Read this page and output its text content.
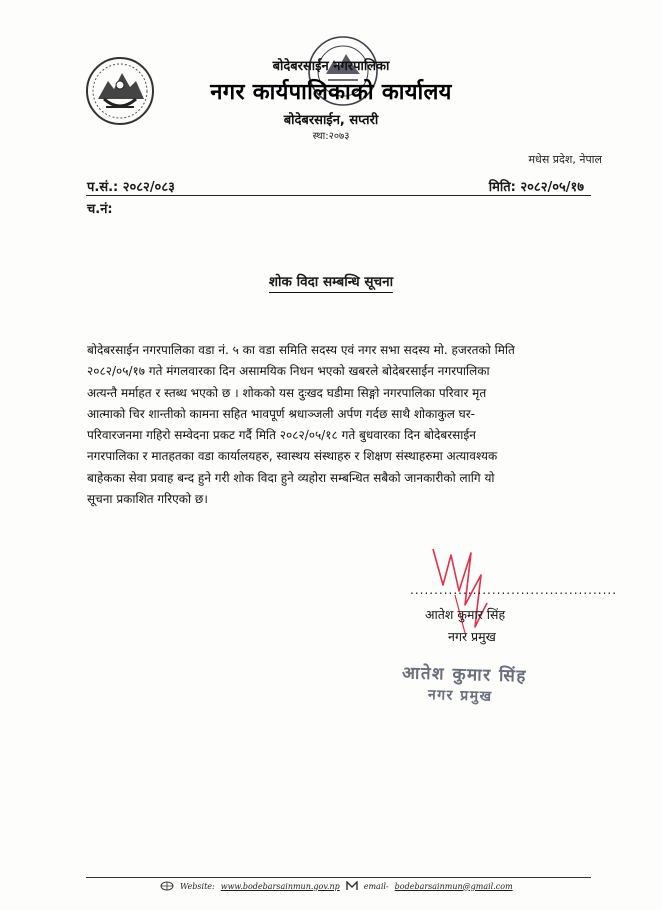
बोदेबरसाईन नगरपालिका
नगर कार्यपालिकाको कार्यालय
बोदेबरसाईन, सप्तरी
स्था:२०७३
मधेस प्रदेश, नेपाल
प.सं.: २०८२/०८३	मिति: २०८२/०५/१७
च.नं:
शोक विदा सम्बन्धि सूचना
बोदेबरसाईन नगरपालिका वडा नं. ५ का वडा समिति सदस्य एवं नगर सभा सदस्य मो. हजरतको मिति
२०८२/०५/१७ गते मंगलवारका दिन असामयिक निधन भएको खबरले बोदेबरसाईन नगरपालिका
अत्यन्तै मर्माहत र स्तब्ध भएको छ । शोकको यस दुःखद घडीमा सिङ्गो नगरपालिका परिवार मृत
आत्माको चिर शान्तीको कामना सहित भावपूर्ण श्रधाञ्जली अर्पण गर्दछ साथै शोकाकुल घर-
परिवारजनमा गहिरो सम्वेदना प्रकट गर्दै मिति २०८२/०५/१८ गते बुधवारका दिन बोदेबरसाईन
नगरपालिका र मातहतका वडा कार्यालयहरु, स्वास्थय संस्थाहरु र शिक्षण संस्थाहरुमा अत्यावश्यक
बाहेकका सेवा प्रवाह बन्द हुने गरी शोक विदा हुने व्यहोरा सम्बन्धित सबैको जानकारीको लागि यो
सूचना प्रकाशित गरिएको छ।
...........................................
आतेश कुमार सिंह
नगर प्रमुख
आतेश कुमार सिंह
नगर प्रमुख
Website: www.bodebarsainmun.gov.np	email- bodebarsainmun@gmail.com
